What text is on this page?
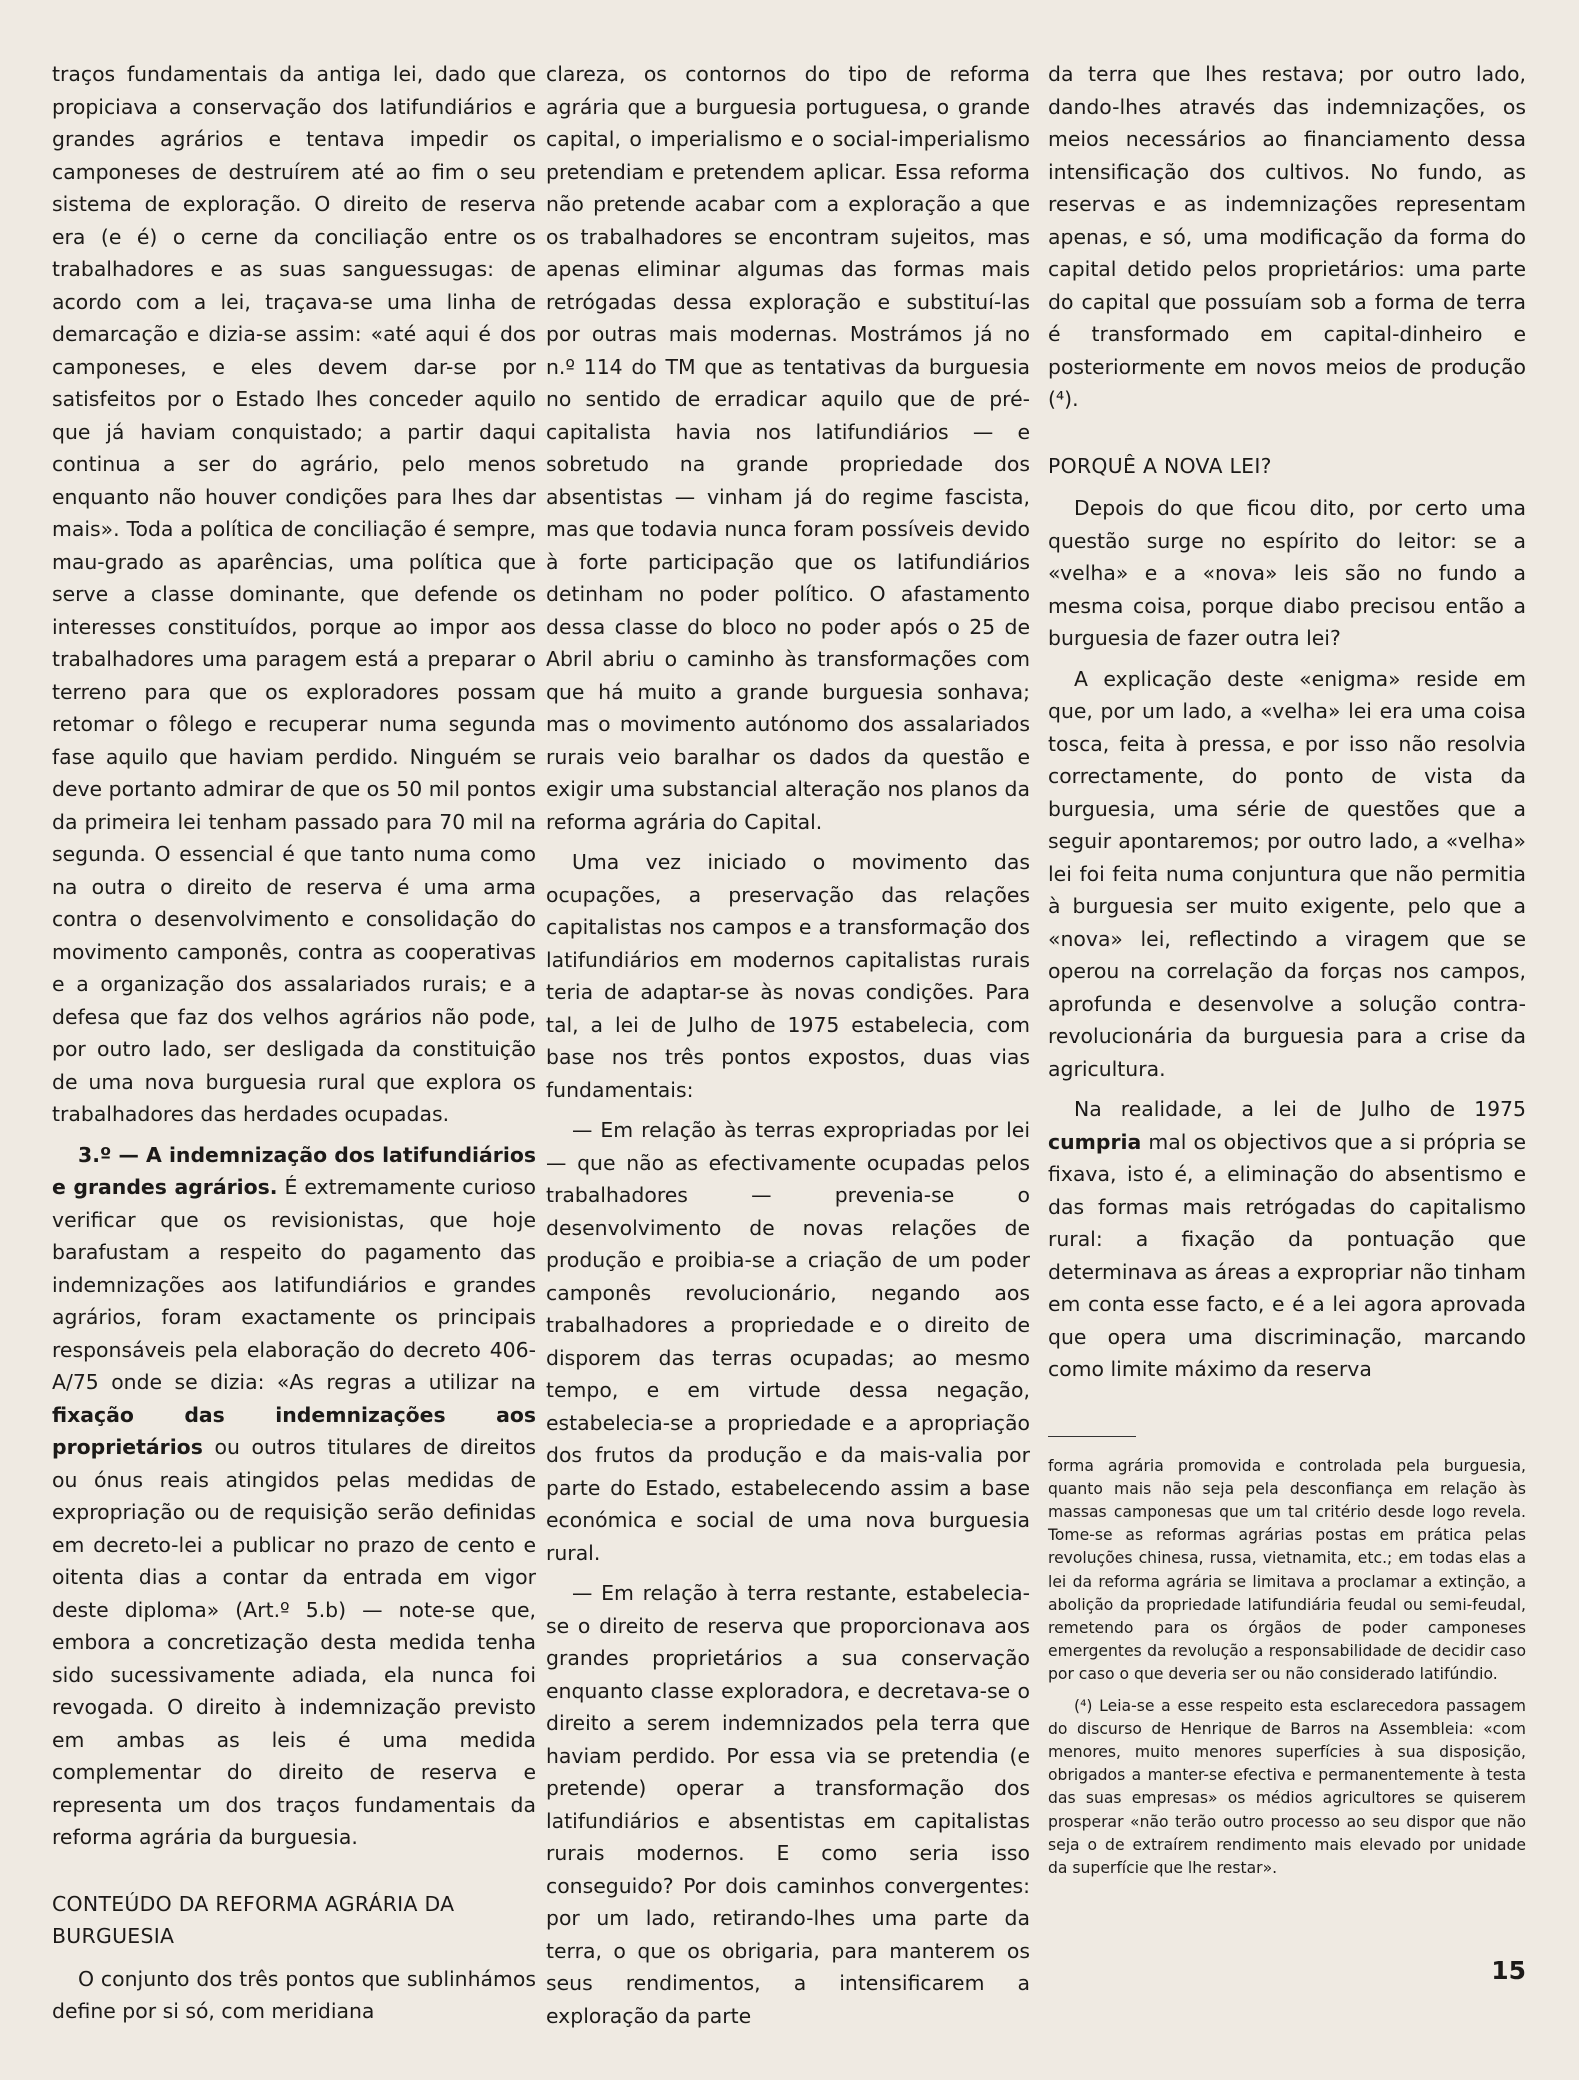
traços fundamentais da antiga lei, dado que propiciava a conservação dos latifundiários e grandes agrários e tentava impedir os camponeses de destruírem até ao fim o seu sistema de exploração. O direito de reserva era (e é) o cerne da conciliação entre os trabalhadores e as suas sanguessugas: de acordo com a lei, traçava-se uma linha de demarcação e dizia-se assim: «até aqui é dos camponeses, e eles devem dar-se por satisfeitos por o Estado lhes conceder aquilo que já haviam conquistado; a partir daqui continua a ser do agrário, pelo menos enquanto não houver condições para lhes dar mais». Toda a política de conciliação é sempre, mau-grado as aparências, uma política que serve a classe dominante, que defende os interesses constituídos, porque ao impor aos trabalhadores uma paragem está a preparar o terreno para que os exploradores possam retomar o fôlego e recuperar numa segunda fase aquilo que haviam perdido. Ninguém se deve portanto admirar de que os 50 mil pontos da primeira lei tenham passado para 70 mil na segunda. O essencial é que tanto numa como na outra o direito de reserva é uma arma contra o desenvolvimento e consolidação do movimento camponês, contra as cooperativas e a organização dos assalariados rurais; e a defesa que faz dos velhos agrários não pode, por outro lado, ser desligada da constituição de uma nova burguesia rural que explora os trabalhadores das herdades ocupadas.

3.º — A indemnização dos latifundiários e grandes agrários. É extremamente curioso verificar que os revisionistas, que hoje barafustam a respeito do pagamento das indemnizações aos latifundiários e grandes agrários, foram exactamente os principais responsáveis pela elaboração do decreto 406-A/75 onde se dizia: «As regras a utilizar na fixação das indemnizações aos proprietários ou outros titulares de direitos ou ónus reais atingidos pelas medidas de expropriação ou de requisição serão definidas em decreto-lei a publicar no prazo de cento e oitenta dias a contar da entrada em vigor deste diploma» (Art.º 5.b) — note-se que, embora a concretização desta medida tenha sido sucessivamente adiada, ela nunca foi revogada. O direito à indemnização previsto em ambas as leis é uma medida complementar do direito de reserva e representa um dos traços fundamentais da reforma agrária da burguesia.

CONTEÚDO DA REFORMA AGRÁRIA DA BURGUESIA

O conjunto dos três pontos que sublinhámos define por si só, com meridiana

clareza, os contornos do tipo de reforma agrária que a burguesia portuguesa, o grande capital, o imperialismo e o social-imperialismo pretendiam e pretendem aplicar. Essa reforma não pretende acabar com a exploração a que os trabalhadores se encontram sujeitos, mas apenas eliminar algumas das formas mais retrógadas dessa exploração e substituí-las por outras mais modernas. Mostrámos já no n.º 114 do TM que as tentativas da burguesia no sentido de erradicar aquilo que de pré-capitalista havia nos latifundiários — e sobretudo na grande propriedade dos absentistas — vinham já do regime fascista, mas que todavia nunca foram possíveis devido à forte participação que os latifundiários detinham no poder político. O afastamento dessa classe do bloco no poder após o 25 de Abril abriu o caminho às transformações com que há muito a grande burguesia sonhava; mas o movimento autónomo dos assalariados rurais veio baralhar os dados da questão e exigir uma substancial alteração nos planos da reforma agrária do Capital.

Uma vez iniciado o movimento das ocupações, a preservação das relações capitalistas nos campos e a transformação dos latifundiários em modernos capitalistas rurais teria de adaptar-se às novas condições. Para tal, a lei de Julho de 1975 estabelecia, com base nos três pontos expostos, duas vias fundamentais:

— Em relação às terras expropriadas por lei — que não as efectivamente ocupadas pelos trabalhadores — prevenia-se o desenvolvimento de novas relações de produção e proibia-se a criação de um poder camponês revolucionário, negando aos trabalhadores a propriedade e o direito de disporem das terras ocupadas; ao mesmo tempo, e em virtude dessa negação, estabelecia-se a propriedade e a apropriação dos frutos da produção e da mais-valia por parte do Estado, estabelecendo assim a base económica e social de uma nova burguesia rural.

— Em relação à terra restante, estabelecia-se o direito de reserva que proporcionava aos grandes proprietários a sua conservação enquanto classe exploradora, e decretava-se o direito a serem indemnizados pela terra que haviam perdido. Por essa via se pretendia (e pretende) operar a transformação dos latifundiários e absentistas em capitalistas rurais modernos. E como seria isso conseguido? Por dois caminhos convergentes: por um lado, retirando-lhes uma parte da terra, o que os obrigaria, para manterem os seus rendimentos, a intensificarem a exploração da parte

da terra que lhes restava; por outro lado, dando-lhes através das indemnizações, os meios necessários ao financiamento dessa intensificação dos cultivos. No fundo, as reservas e as indemnizações representam apenas, e só, uma modificação da forma do capital detido pelos proprietários: uma parte do capital que possuíam sob a forma de terra é transformado em capital-dinheiro e posteriormente em novos meios de produção (⁴).

PORQUÊ A NOVA LEI?

Depois do que ficou dito, por certo uma questão surge no espírito do leitor: se a «velha» e a «nova» leis são no fundo a mesma coisa, porque diabo precisou então a burguesia de fazer outra lei?

A explicação deste «enigma» reside em que, por um lado, a «velha» lei era uma coisa tosca, feita à pressa, e por isso não resolvia correctamente, do ponto de vista da burguesia, uma série de questões que a seguir apontaremos; por outro lado, a «velha» lei foi feita numa conjuntura que não permitia à burguesia ser muito exigente, pelo que a «nova» lei, reflectindo a viragem que se operou na correlação da forças nos campos, aprofunda e desenvolve a solução contra-revolucionária da burguesia para a crise da agricultura.

Na realidade, a lei de Julho de 1975 cumpria mal os objectivos que a si própria se fixava, isto é, a eliminação do absentismo e das formas mais retrógadas do capitalismo rural: a fixação da pontuação que determinava as áreas a expropriar não tinham em conta esse facto, e é a lei agora aprovada que opera uma discriminação, marcando como limite máximo da reserva

forma agrária promovida e controlada pela burguesia, quanto mais não seja pela desconfiança em relação às massas camponesas que um tal critério desde logo revela. Tome-se as reformas agrárias postas em prática pelas revoluções chinesa, russa, vietnamita, etc.; em todas elas a lei da reforma agrária se limitava a proclamar a extinção, a abolição da propriedade latifundiária feudal ou semi-feudal, remetendo para os órgãos de poder camponeses emergentes da revolução a responsabilidade de decidir caso por caso o que deveria ser ou não considerado latifúndio.

(⁴) Leia-se a esse respeito esta esclarecedora passagem do discurso de Henrique de Barros na Assembleia: «com menores, muito menores superfícies à sua disposição, obrigados a manter-se efectiva e permanentemente à testa das suas empresas» os médios agricultores se quiserem prosperar «não terão outro processo ao seu dispor que não seja o de extraírem rendimento mais elevado por unidade da superfície que lhe restar».

15
